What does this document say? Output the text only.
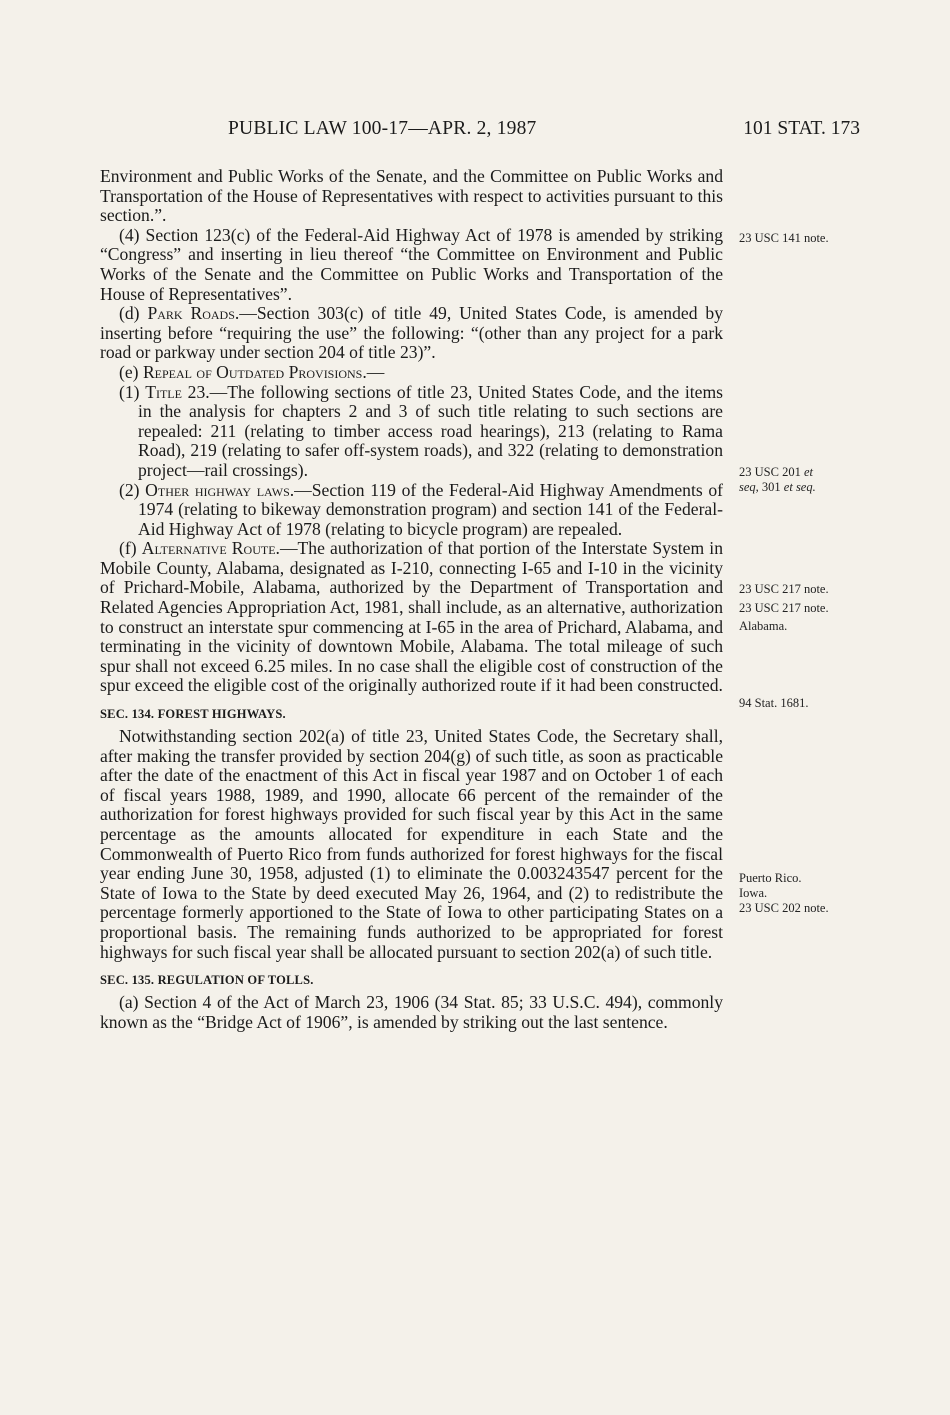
PUBLIC LAW 100-17—APR. 2, 1987	101 STAT. 173

Environment and Public Works of the Senate, and the Committee on Public Works and Transportation of the House of Representatives with respect to activities pursuant to this section.”.

(4) Section 123(c) of the Federal-Aid Highway Act of 1978 is amended by striking “Congress” and inserting in lieu thereof “the Committee on Environment and Public Works of the Senate and the Committee on Public Works and Transportation of the House of Representatives”.

(d) Park Roads.—Section 303(c) of title 49, United States Code, is amended by inserting before “requiring the use” the following: “(other than any project for a park road or parkway under section 204 of title 23)”.

(e) Repeal of Outdated Provisions.—

(1) Title 23.—The following sections of title 23, United States Code, and the items in the analysis for chapters 2 and 3 of such title relating to such sections are repealed: 211 (relating to timber access road hearings), 213 (relating to Rama Road), 219 (relating to safer off-system roads), and 322 (relating to demonstration project—rail crossings).

(2) Other highway laws.—Section 119 of the Federal-Aid Highway Amendments of 1974 (relating to bikeway demonstration program) and section 141 of the Federal-Aid Highway Act of 1978 (relating to bicycle program) are repealed.

(f) Alternative Route.—The authorization of that portion of the Interstate System in Mobile County, Alabama, designated as I-210, connecting I-65 and I-10 in the vicinity of Prichard-Mobile, Alabama, authorized by the Department of Transportation and Related Agencies Appropriation Act, 1981, shall include, as an alternative, authorization to construct an interstate spur commencing at I-65 in the area of Prichard, Alabama, and terminating in the vicinity of downtown Mobile, Alabama. The total mileage of such spur shall not exceed 6.25 miles. In no case shall the eligible cost of construction of the spur exceed the eligible cost of the originally authorized route if it had been constructed.

SEC. 134. FOREST HIGHWAYS.

Notwithstanding section 202(a) of title 23, United States Code, the Secretary shall, after making the transfer provided by section 204(g) of such title, as soon as practicable after the date of the enactment of this Act in fiscal year 1987 and on October 1 of each of fiscal years 1988, 1989, and 1990, allocate 66 percent of the remainder of the authorization for forest highways provided for such fiscal year by this Act in the same percentage as the amounts allocated for expenditure in each State and the Commonwealth of Puerto Rico from funds authorized for forest highways for the fiscal year ending June 30, 1958, adjusted (1) to eliminate the 0.003243547 percent for the State of Iowa to the State by deed executed May 26, 1964, and (2) to redistribute the percentage formerly apportioned to the State of Iowa to other participating States on a proportional basis. The remaining funds authorized to be appropriated for forest highways for such fiscal year shall be allocated pursuant to section 202(a) of such title.

SEC. 135. REGULATION OF TOLLS.

(a) Section 4 of the Act of March 23, 1906 (34 Stat. 85; 33 U.S.C. 494), commonly known as the “Bridge Act of 1906”, is amended by striking out the last sentence.

23 USC 141 note.
23 USC 201 et
seq, 301 et seq.
23 USC 217 note.
23 USC 217 note.
Alabama.
94 Stat. 1681.
Puerto Rico.
Iowa.
23 USC 202 note.
